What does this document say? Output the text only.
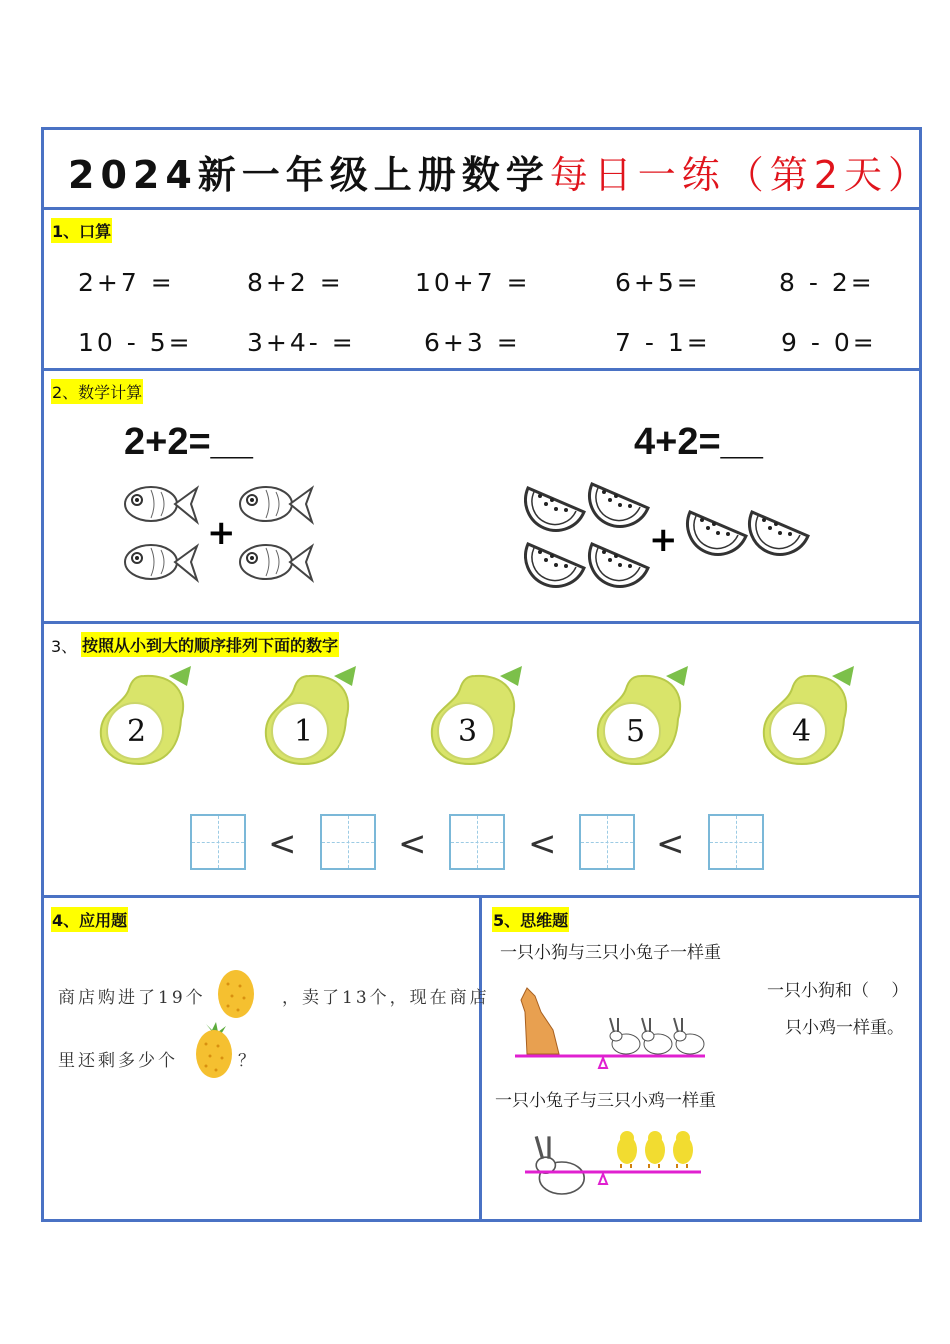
2024新一年级上册数学每日一练（第2天）
1、口算
2+7 =	8+2 =	10+7 =	6+5=	8 - 2=
10 - 5= 3+4- =	6+3 =	7 - 1=	9 - 0=
2、数学计算
2+2=__	4+2=__
+	+
3、 按照从小到大的顺序排列下面的数字
2	1	3	5	4
<	<	<	<
4、应用题
商店购进了19个	，卖了13个，现在商店
里还剩多少个	？
5、思维题
一只小狗与三只小兔子一样重
一只小狗和（　 ）
只小鸡一样重。
一只小兔子与三只小鸡一样重
